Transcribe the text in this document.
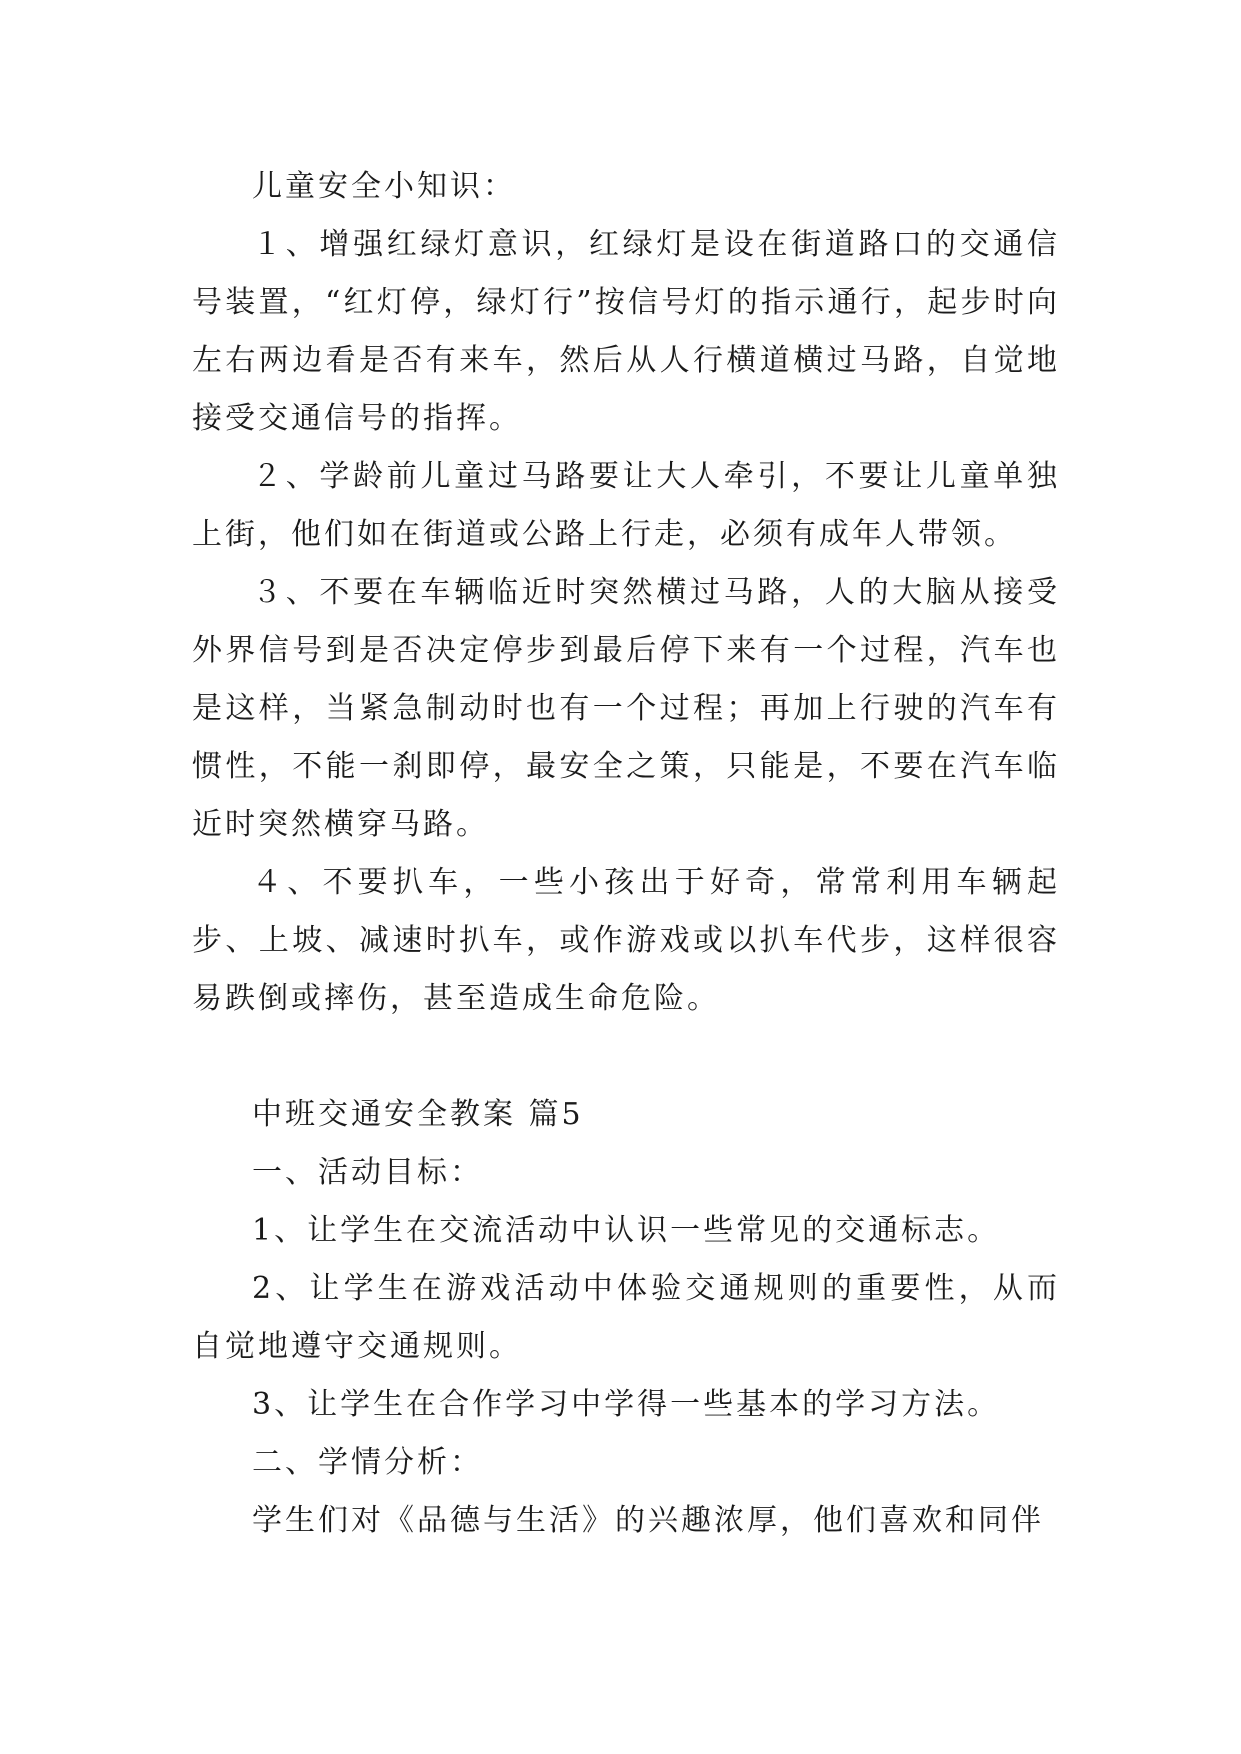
儿童安全小知识：

１、增强红绿灯意识，红绿灯是设在街道路口的交通信号装置，“红灯停，绿灯行”按信号灯的指示通行，起步时向左右两边看是否有来车，然后从人行横道横过马路，自觉地接受交通信号的指挥。

２、学龄前儿童过马路要让大人牵引，不要让儿童单独上街，他们如在街道或公路上行走，必须有成年人带领。

３、不要在车辆临近时突然横过马路，人的大脑从接受外界信号到是否决定停步到最后停下来有一个过程，汽车也是这样，当紧急制动时也有一个过程；再加上行驶的汽车有惯性，不能一刹即停，最安全之策，只能是，不要在汽车临近时突然横穿马路。

４、不要扒车，一些小孩出于好奇，常常利用车辆起步、上坡、减速时扒车，或作游戏或以扒车代步，这样很容易跌倒或摔伤，甚至造成生命危险。

中班交通安全教案 篇5

一、活动目标：

1、让学生在交流活动中认识一些常见的交通标志。

2、让学生在游戏活动中体验交通规则的重要性，从而自觉地遵守交通规则。

3、让学生在合作学习中学得一些基本的学习方法。

二、学情分析：

学生们对《品德与生活》的兴趣浓厚，他们喜欢和同伴
